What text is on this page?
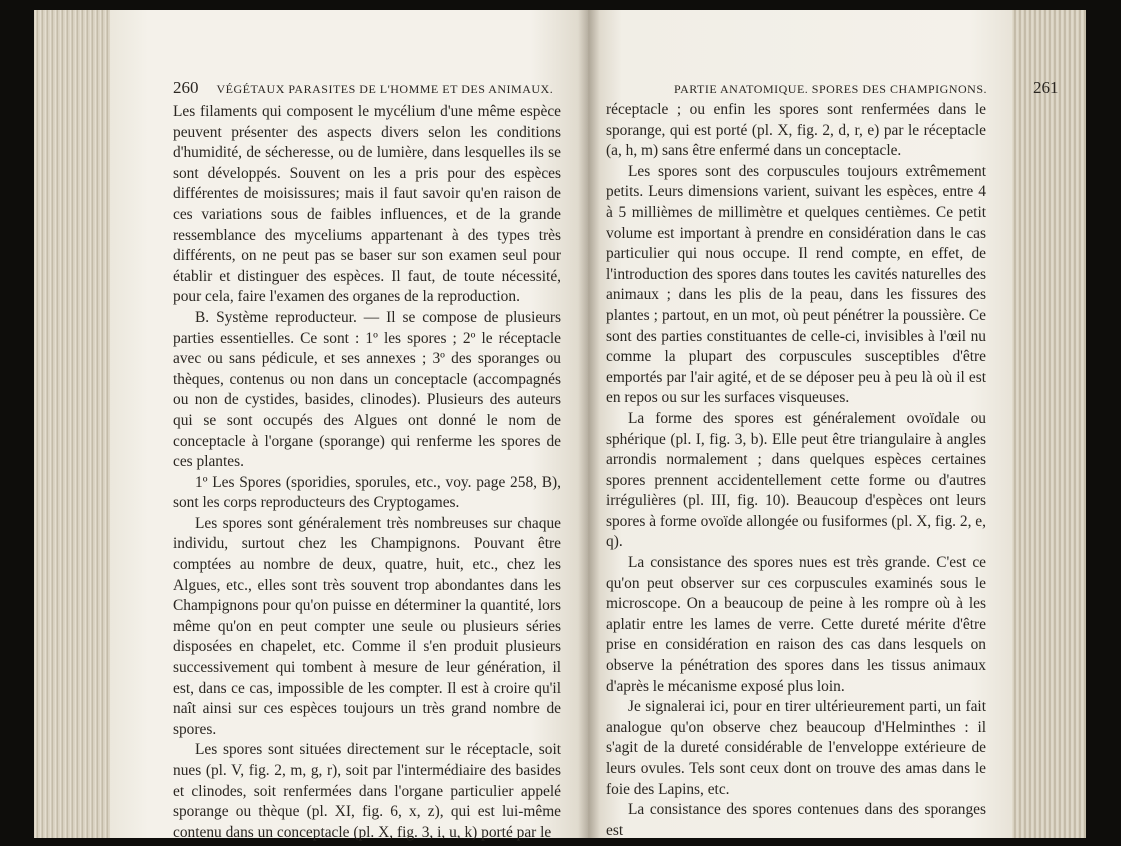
260 VÉGÉTAUX PARASITES DE L'HOMME ET DES ANIMAUX.

Les filaments qui composent le mycélium d'une même espèce peuvent présenter des aspects divers selon les conditions d'humidité, de sécheresse, ou de lumière, dans lesquelles ils se sont développés. Souvent on les a pris pour des espèces différentes de moisissures; mais il faut savoir qu'en raison de ces variations sous de faibles influences, et de la grande ressemblance des myceliums appartenant à des types très différents, on ne peut pas se baser sur son examen seul pour établir et distinguer des espèces. Il faut, de toute nécessité, pour cela, faire l'examen des organes de la reproduction.

B. Système reproducteur. — Il se compose de plusieurs parties essentielles. Ce sont : 1º les spores ; 2º le réceptacle avec ou sans pédicule, et ses annexes ; 3º des sporanges ou thèques, contenus ou non dans un conceptacle (accompagnés ou non de cystides, basides, clinodes). Plusieurs des auteurs qui se sont occupés des Algues ont donné le nom de conceptacle à l'organe (sporange) qui renferme les spores de ces plantes.

1º Les Spores (sporidies, sporules, etc., voy. page 258, B), sont les corps reproducteurs des Cryptogames.

Les spores sont généralement très nombreuses sur chaque individu, surtout chez les Champignons. Pouvant être comptées au nombre de deux, quatre, huit, etc., chez les Algues, etc., elles sont très souvent trop abondantes dans les Champignons pour qu'on puisse en déterminer la quantité, lors même qu'on en peut compter une seule ou plusieurs séries disposées en chapelet, etc. Comme il s'en produit plusieurs successivement qui tombent à mesure de leur génération, il est, dans ce cas, impossible de les compter. Il est à croire qu'il naît ainsi sur ces espèces toujours un très grand nombre de spores.

Les spores sont situées directement sur le réceptacle, soit nues (pl. V, fig. 2, m, g, r), soit par l'intermédiaire des basides et clinodes, soit renfermées dans l'organe particulier appelé sporange ou thèque (pl. XI, fig. 6, x, z), qui est lui-même contenu dans un conceptacle (pl. X, fig. 3, i, u, k) porté par le

PARTIE ANATOMIQUE. SPORES DES CHAMPIGNONS.	261

réceptacle ; ou enfin les spores sont renfermées dans le sporange, qui est porté (pl. X, fig. 2, d, r, e) par le réceptacle (a, h, m) sans être enfermé dans un conceptacle.

Les spores sont des corpuscules toujours extrêmement petits. Leurs dimensions varient, suivant les espèces, entre 4 à 5 millièmes de millimètre et quelques centièmes. Ce petit volume est important à prendre en considération dans le cas particulier qui nous occupe. Il rend compte, en effet, de l'introduction des spores dans toutes les cavités naturelles des animaux ; dans les plis de la peau, dans les fissures des plantes ; partout, en un mot, où peut pénétrer la poussière. Ce sont des parties constituantes de celle-ci, invisibles à l'œil nu comme la plupart des corpuscules susceptibles d'être emportés par l'air agité, et de se déposer peu à peu là où il est en repos ou sur les surfaces visqueuses.

La forme des spores est généralement ovoïdale ou sphérique (pl. I, fig. 3, b). Elle peut être triangulaire à angles arrondis normalement ; dans quelques espèces certaines spores prennent accidentellement cette forme ou d'autres irrégulières (pl. III, fig. 10). Beaucoup d'espèces ont leurs spores à forme ovoïde allongée ou fusiformes (pl. X, fig. 2, e, q).

La consistance des spores nues est très grande. C'est ce qu'on peut observer sur ces corpuscules examinés sous le microscope. On a beaucoup de peine à les rompre où à les aplatir entre les lames de verre. Cette dureté mérite d'être prise en considération en raison des cas dans lesquels on observe la pénétration des spores dans les tissus animaux d'après le mécanisme exposé plus loin.

Je signalerai ici, pour en tirer ultérieurement parti, un fait analogue qu'on observe chez beaucoup d'Helminthes : il s'agit de la dureté considérable de l'enveloppe extérieure de leurs ovules. Tels sont ceux dont on trouve des amas dans le foie des Lapins, etc.

La consistance des spores contenues dans des sporanges est
